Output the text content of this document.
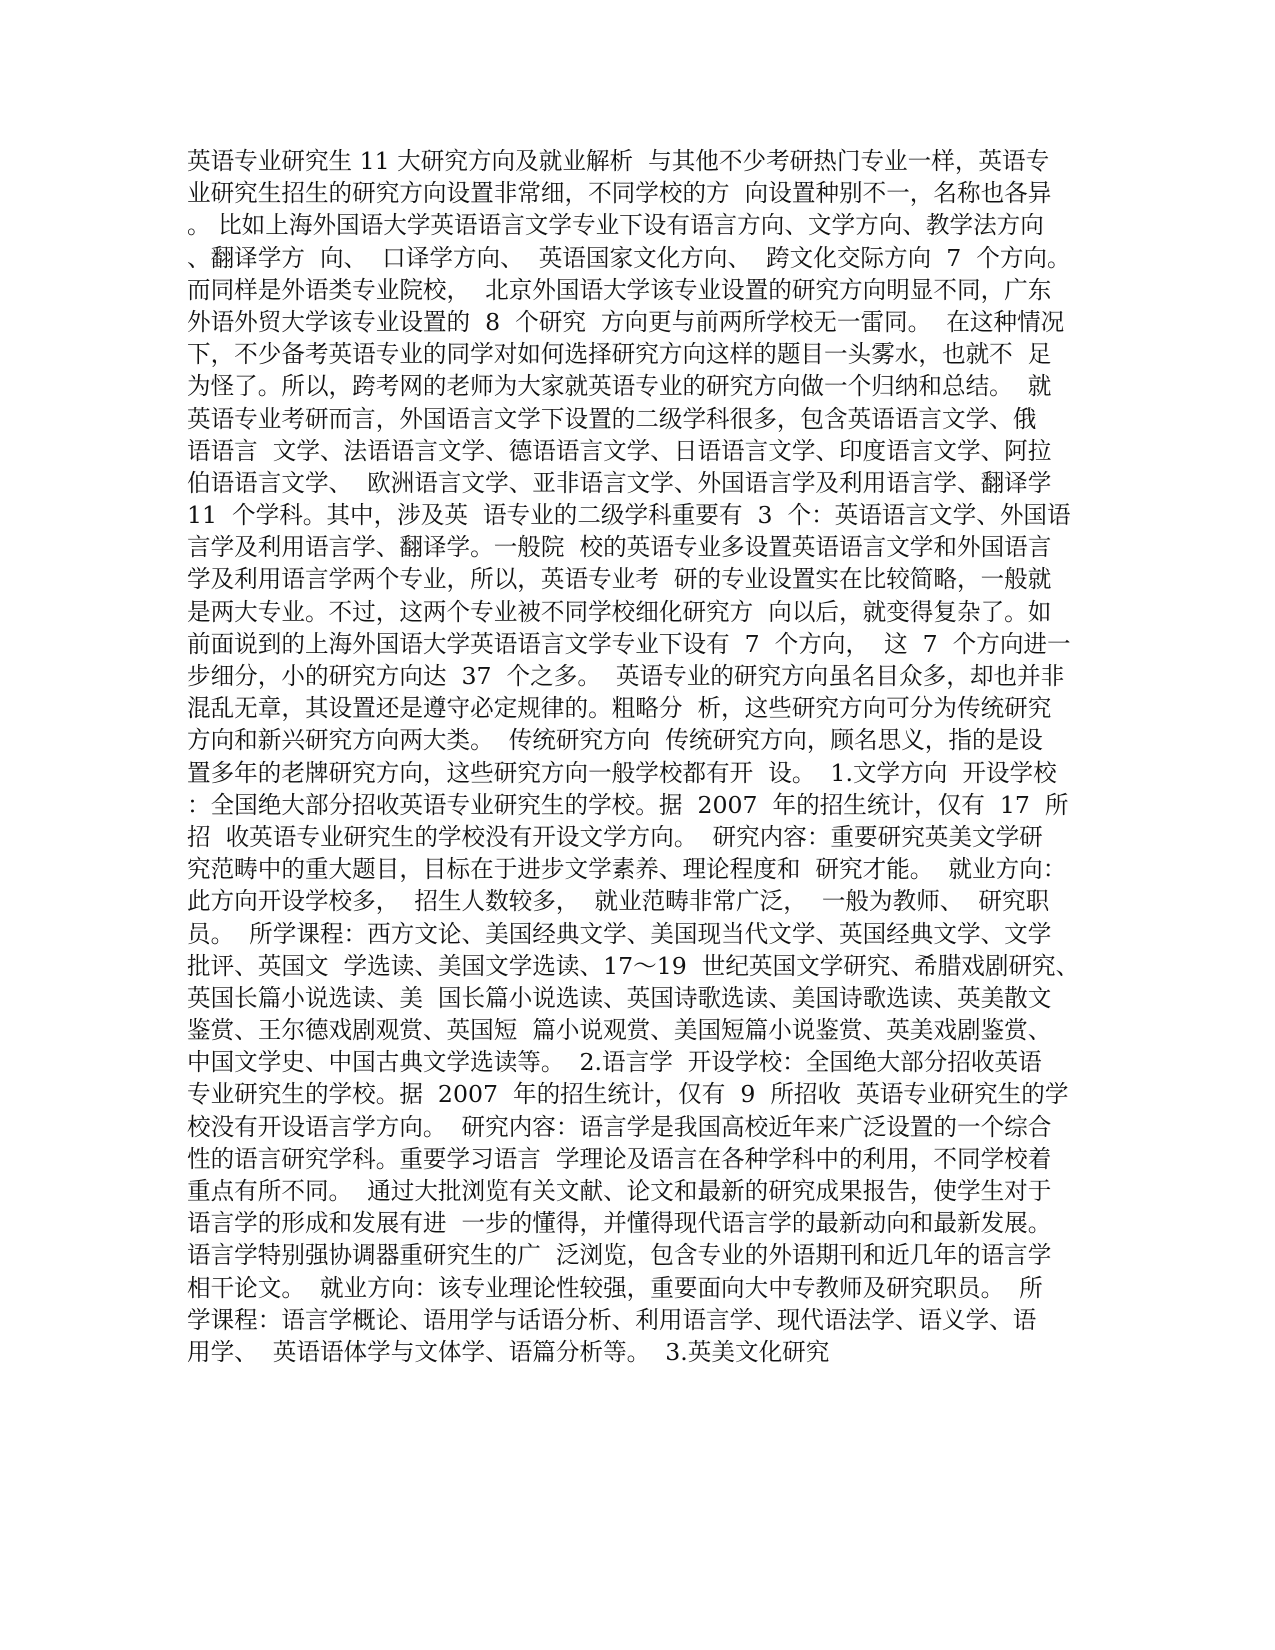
英语专业研究生 11 大研究方向及就业解析  与其他不少考研热门专业一样，英语专
业研究生招生的研究方向设置非常细，不同学校的方  向设置种别不一，名称也各异
。 比如上海外国语大学英语语言文学专业下设有语言方向、文学方向、教学法方向
、翻译学方  向、  口译学方向、  英语国家文化方向、  跨文化交际方向  7  个方向。
而同样是外语类专业院校，  北京外国语大学该专业设置的研究方向明显不同，广东
外语外贸大学该专业设置的  8  个研究  方向更与前两所学校无一雷同。  在这种情况
下，不少备考英语专业的同学对如何选择研究方向这样的题目一头雾水，也就不  足
为怪了。所以，跨考网的老师为大家就英语专业的研究方向做一个归纳和总结。  就
英语专业考研而言，外国语言文学下设置的二级学科很多，包含英语语言文学、俄
语语言  文学、法语语言文学、德语语言文学、日语语言文学、印度语言文学、阿拉
伯语语言文学、  欧洲语言文学、亚非语言文学、外国语言学及利用语言学、翻译学
11  个学科。其中，涉及英  语专业的二级学科重要有  3  个：英语语言文学、外国语
言学及利用语言学、翻译学。一般院  校的英语专业多设置英语语言文学和外国语言
学及利用语言学两个专业，所以，英语专业考  研的专业设置实在比较简略，一般就
是两大专业。不过，这两个专业被不同学校细化研究方  向以后，就变得复杂了。如
前面说到的上海外国语大学英语语言文学专业下设有  7  个方向，  这  7  个方向进一
步细分，小的研究方向达  37  个之多。  英语专业的研究方向虽名目众多，却也并非
混乱无章，其设置还是遵守必定规律的。粗略分  析，这些研究方向可分为传统研究
方向和新兴研究方向两大类。  传统研究方向  传统研究方向，顾名思义，指的是设
置多年的老牌研究方向，这些研究方向一般学校都有开  设。  1.文学方向  开设学校
：全国绝大部分招收英语专业研究生的学校。据  2007  年的招生统计，仅有  17  所
招  收英语专业研究生的学校没有开设文学方向。  研究内容：重要研究英美文学研
究范畴中的重大题目，目标在于进步文学素养、理论程度和  研究才能。  就业方向：
此方向开设学校多，  招生人数较多，  就业范畴非常广泛，  一般为教师、  研究职
员。  所学课程：西方文论、美国经典文学、美国现当代文学、英国经典文学、文学
批评、英国文  学选读、美国文学选读、17～19  世纪英国文学研究、希腊戏剧研究、
英国长篇小说选读、美  国长篇小说选读、英国诗歌选读、美国诗歌选读、英美散文
鉴赏、王尔德戏剧观赏、英国短  篇小说观赏、美国短篇小说鉴赏、英美戏剧鉴赏、
中国文学史、中国古典文学选读等。  2.语言学  开设学校：全国绝大部分招收英语
专业研究生的学校。据  2007  年的招生统计，仅有  9  所招收  英语专业研究生的学
校没有开设语言学方向。  研究内容：语言学是我国高校近年来广泛设置的一个综合
性的语言研究学科。重要学习语言  学理论及语言在各种学科中的利用，不同学校着
重点有所不同。  通过大批浏览有关文献、论文和最新的研究成果报告，使学生对于
语言学的形成和发展有进  一步的懂得，并懂得现代语言学的最新动向和最新发展。
语言学特别强协调器重研究生的广  泛浏览，包含专业的外语期刊和近几年的语言学
相干论文。  就业方向：该专业理论性较强，重要面向大中专教师及研究职员。  所
学课程：语言学概论、语用学与话语分析、利用语言学、现代语法学、语义学、语
用学、  英语语体学与文体学、语篇分析等。  3.英美文化研究
